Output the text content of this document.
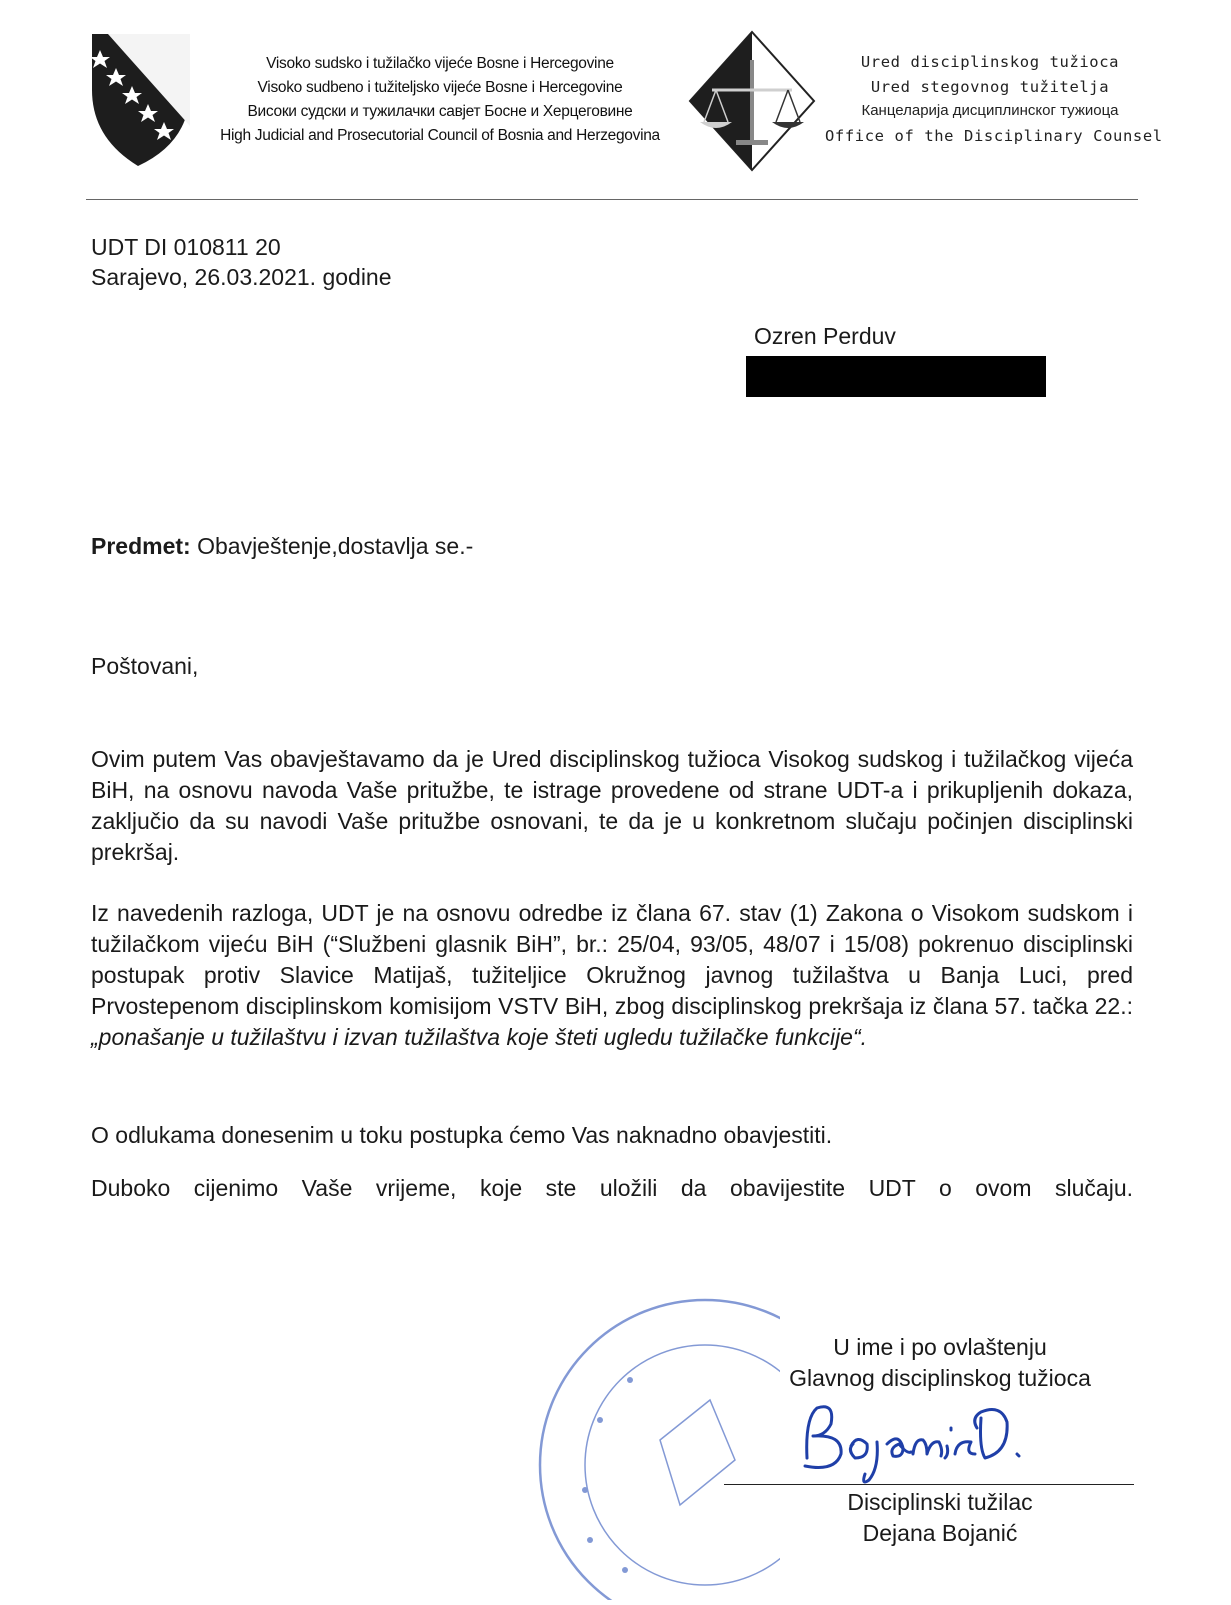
Visoko sudsko i tužilačko vijeće Bosne i Hercegovine
Visoko sudbeno i tužiteljsko vijeće Bosne i Hercegovine
Високи судски и тужилачки савјет Босне и Херцеговине
High Judicial and Prosecutorial Council of Bosnia and Herzegovina
Ured disciplinskog tužioca
Ured stegovnog tužitelja
Канцеларија дисциплинског тужиоца
Office of the Disciplinary Counsel
UDT DI 010811 20
Sarajevo, 26.03.2021. godine
Ozren Perduv
Predmet: Obavještenje,dostavlja se.-
Poštovani,
Ovim putem Vas obavještavamo da je Ured disciplinskog tužioca Visokog sudskog i tužilačkog vijeća BiH, na osnovu navoda Vaše pritužbe, te istrage provedene od strane UDT-a i prikupljenih dokaza, zaključio da su navodi Vaše pritužbe osnovani, te da je u konkretnom slučaju počinjen disciplinski prekršaj.
Iz navedenih razloga, UDT je na osnovu odredbe iz člana 67. stav (1) Zakona o Visokom sudskom i tužilačkom vijeću BiH (“Službeni glasnik BiH”, br.: 25/04, 93/05, 48/07 i 15/08) pokrenuo disciplinski postupak protiv Slavice Matijaš, tužiteljice Okružnog javnog tužilaštva u Banja Luci, pred Prvostepenom disciplinskom komisijom VSTV BiH, zbog disciplinskog prekršaja iz člana 57. tačka 22.: „ponašanje u tužilaštvu i izvan tužilaštva koje šteti ugledu tužilačke funkcije“.
O odlukama donesenim u toku postupka ćemo Vas naknadno obavjestiti.
Duboko cijenimo Vaše vrijeme, koje ste uložili da obavijestite UDT o ovom slučaju.
U ime i po ovlaštenju
Glavnog disciplinskog tužioca
Disciplinski tužilac
Dejana Bojanić
